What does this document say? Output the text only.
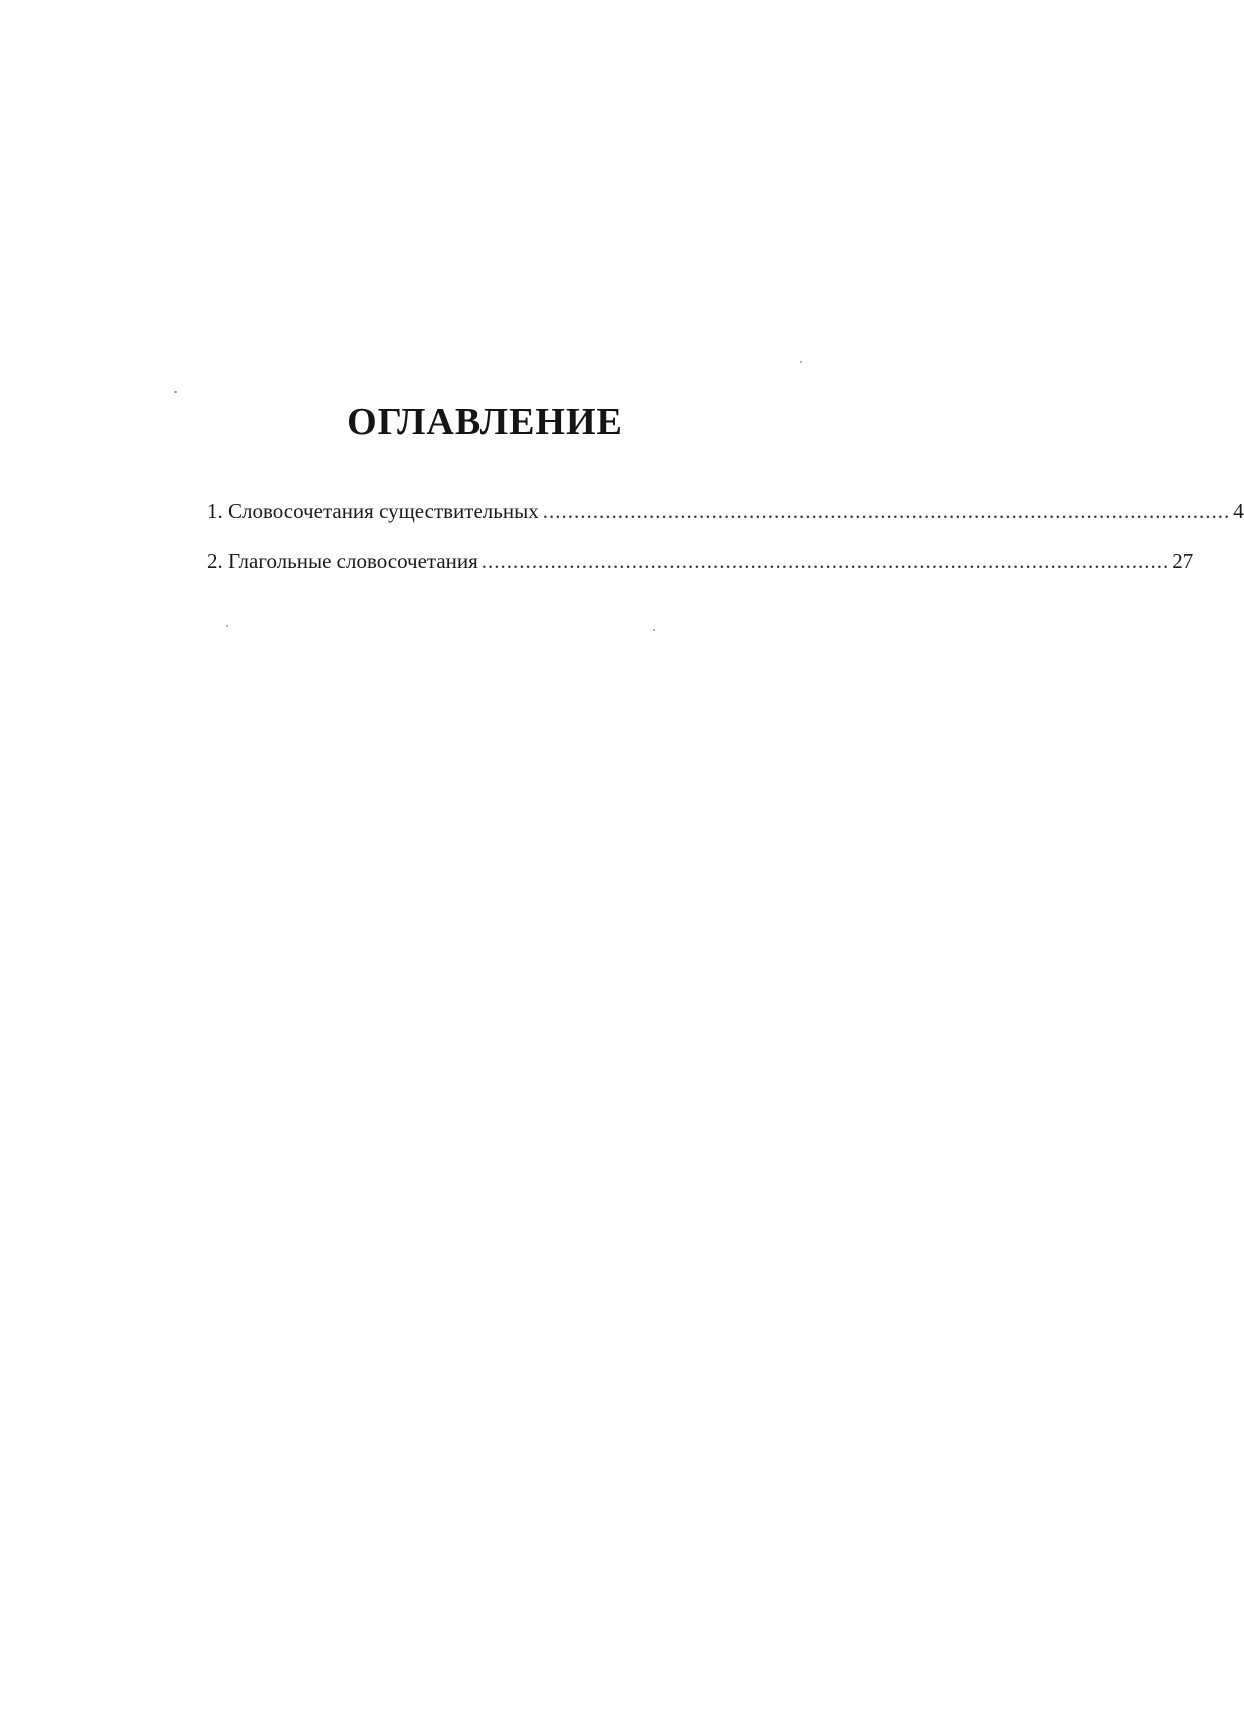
ОГЛАВЛЕНИЕ
1. Словосочетания существительных .............................................................................................................. 4
2. Глагольные словосочетания .............................................................................................................. 27
